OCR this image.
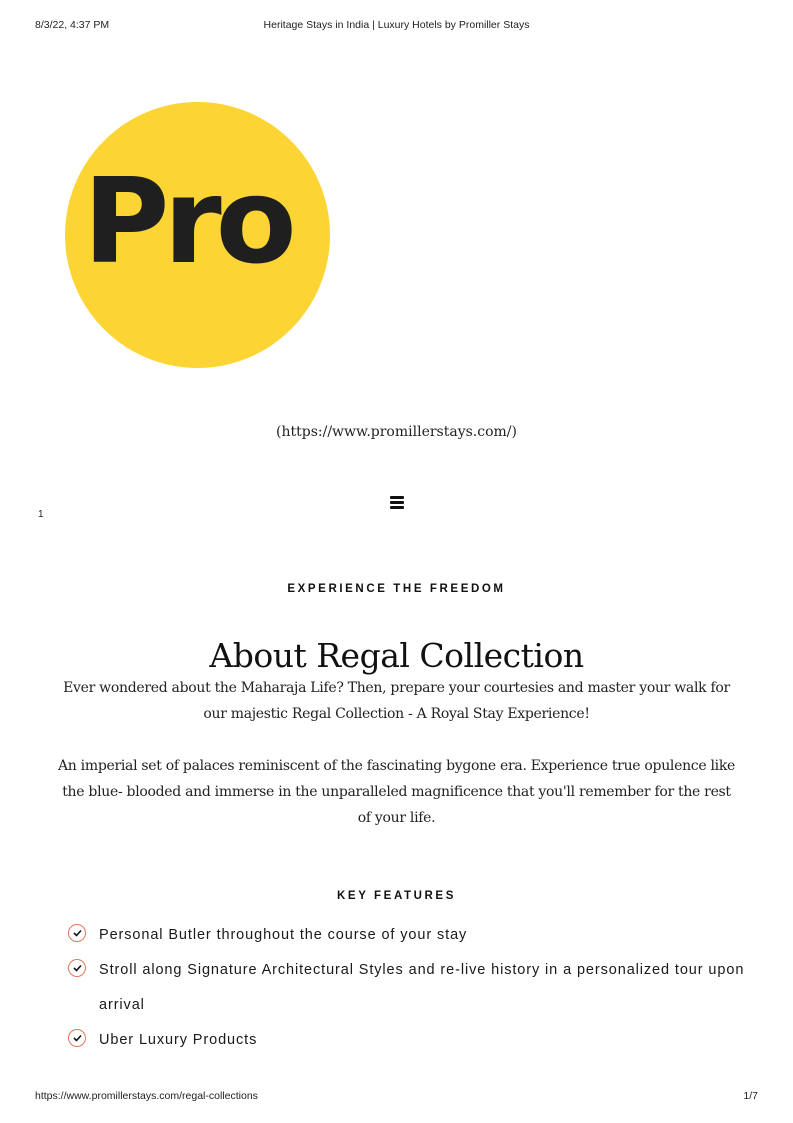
8/3/22, 4:37 PM	Heritage Stays in India | Luxury Hotels by Promiller Stays
Pro
(https://www.promillerstays.com/)
1
EXPERIENCE THE FREEDOM
About Regal Collection
Ever wondered about the Maharaja Life? Then, prepare your courtesies and master your walk for our majestic Regal Collection - A Royal Stay Experience!
An imperial set of palaces reminiscent of the fascinating bygone era. Experience true opulence like the blue- blooded and immerse in the unparalleled magnificence that you'll remember for the rest of your life.
KEY FEATURES
Personal Butler throughout the course of your stay
Stroll along Signature Architectural Styles and re-live history in a personalized tour upon arrival
Uber Luxury Products
https://www.promillerstays.com/regal-collections	1/7
